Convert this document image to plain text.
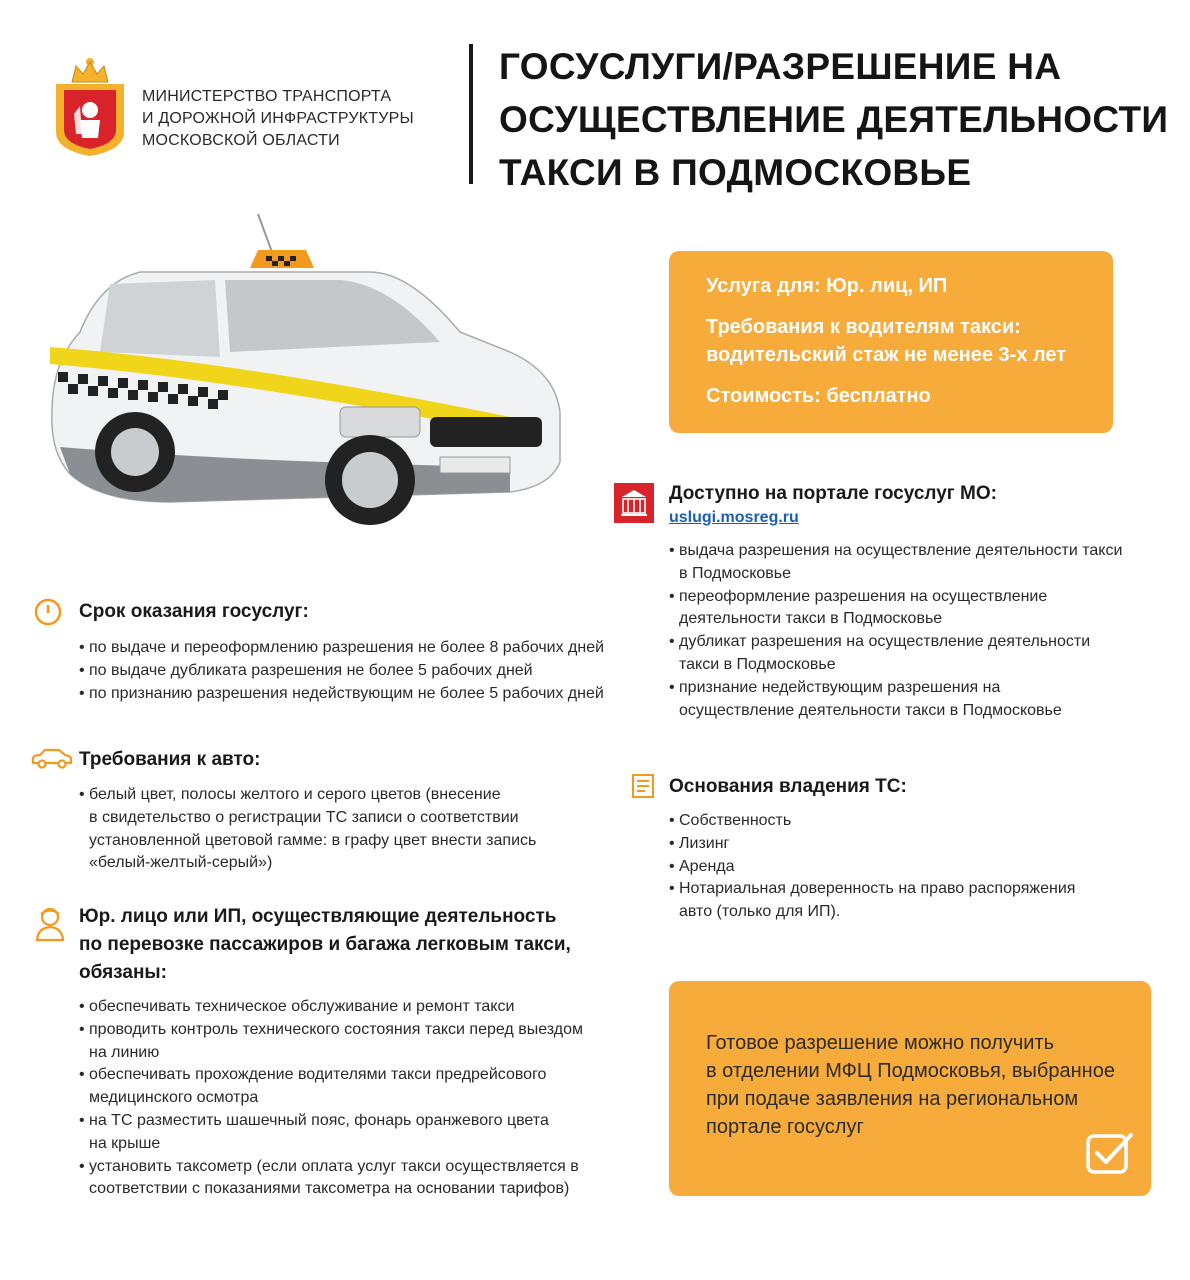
МИНИСТЕРСТВО ТРАНСПОРТА
И ДОРОЖНОЙ ИНФРАСТРУКТУРЫ
МОСКОВСКОЙ ОБЛАСТИ
ГОСУСЛУГИ/РАЗРЕШЕНИЕ НА
ОСУЩЕСТВЛЕНИЕ ДЕЯТЕЛЬНОСТИ
ТАКСИ В ПОДМОСКОВЬЕ
Услуга для: Юр. лиц, ИП
Требования к водителям такси:
водительский стаж не менее 3-х лет
Стоимость: бесплатно
Доступно на портале госуслуг МО:
uslugi.mosreg.ru
• выдача разрешения на осуществление деятельности такси
в Подмосковье
• переоформление разрешения на осуществление
деятельности такси в Подмосковье
• дубликат разрешения на осуществление деятельности
такси в Подмосковье
• признание недействующим разрешения на
осуществление деятельности такси в Подмосковье
Основания владения ТС:
• Собственность
• Лизинг
• Аренда
• Нотариальная доверенность на право распоряжения
авто (только для ИП).
Срок оказания госуслуг:
• по выдаче и переоформлению разрешения не более 8 рабочих дней
• по выдаче дубликата разрешения не более 5 рабочих дней
• по признанию разрешения недействующим не более 5 рабочих дней
Требования к авто:
• белый цвет, полосы желтого и серого цветов (внесение
в свидетельство о регистрации ТС записи о соответствии
установленной цветовой гамме: в графу цвет внести запись
«белый-желтый-серый»)
Юр. лицо или ИП, осуществляющие деятельность
по перевозке пассажиров и багажа легковым такси,
обязаны:
• обеспечивать техническое обслуживание и ремонт такси
• проводить контроль технического состояния такси перед выездом
на линию
• обеспечивать прохождение водителями такси предрейсового
медицинского осмотра
• на ТС разместить шашечный пояс, фонарь оранжевого цвета
на крыше
• установить таксометр (если оплата услуг такси осуществляется в
соответствии с показаниями таксометра на основании тарифов)
Готовое разрешение можно получить
в отделении МФЦ Подмосковья, выбранное
при подаче заявления на региональном
портале госуслуг
